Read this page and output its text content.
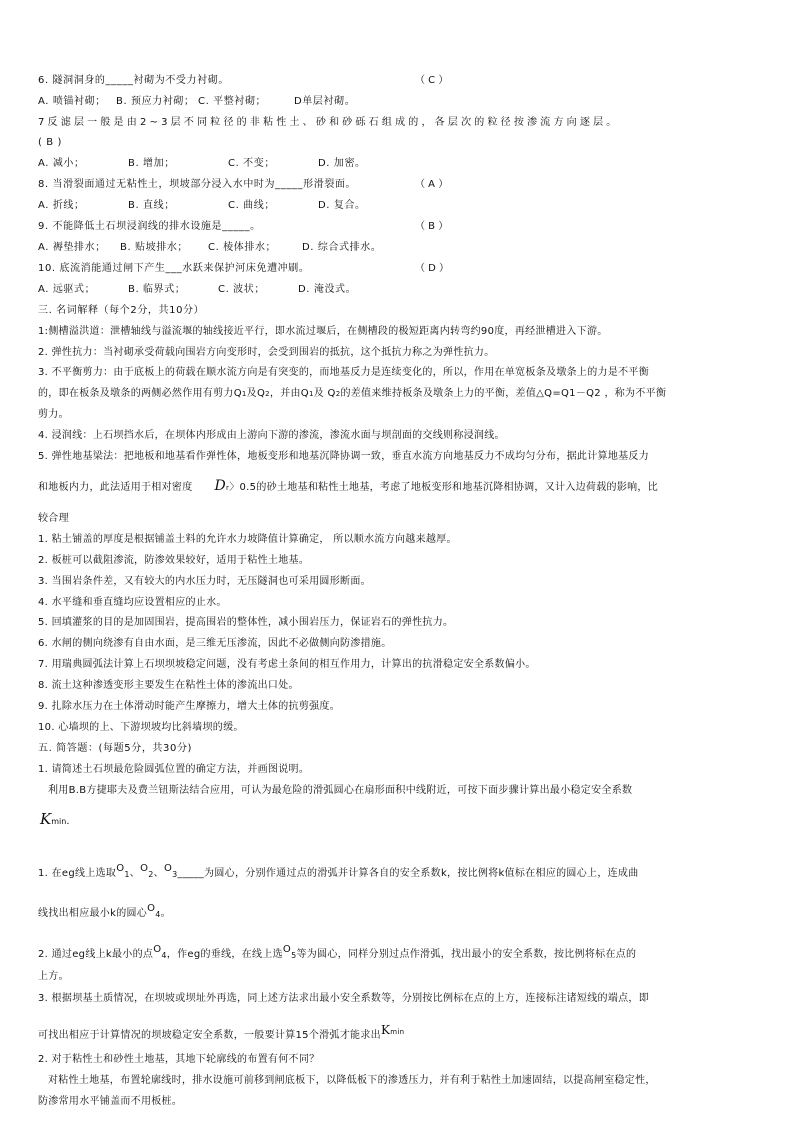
6. 隧洞洞身的_____衬砌为不受力衬砌。	（ C ）
A. 喷锚衬砌； B. 预应力衬砌； C. 平整衬砌；	D单层衬砌。
7反滤层一般是由2~3层不同粒径的非粘性土、砂和砂砾石组成的，各层次的粒径按渗流方向逐层。
( B )
A. 减小；	B. 增加；	C. 不变；	D. 加密。
8. 当滑裂面通过无粘性土，坝坡部分浸入水中时为_____形滑裂面。	（ A ）
A. 折线；	B. 直线；	C. 曲线；	D. 复合。
9. 不能降低土石坝浸润线的排水设施是_____。	（ B ）
A. 褥垫排水； B. 贴坡排水； C. 棱体排水；	D. 综合式排水。
10. 底流消能通过闸下产生___水跃来保护河床免遭冲刷。	（ D ）
A. 远驱式；	B. 临界式；	C. 波状；	D. 淹没式。
三. 名词解释（每个2分，共10分）
1:侧槽溢洪道：泄槽轴线与溢流堰的轴线接近平行，即水流过堰后，在侧槽段的极短距离内转弯约90度，再经泄槽进入下游。
2. 弹性抗力：当衬砌承受荷载向围岩方向变形时，会受到围岩的抵抗，这个抵抗力称之为弹性抗力。
3. 不平衡剪力：由于底板上的荷载在顺水流方向是有突变的，而地基反力是连续变化的，所以，作用在单宽板条及墩条上的力是不平衡
的，即在板条及墩条的两侧必然作用有剪力Q1及Q2，并由Q1及 Q2的差值来维持板条及墩条上力的平衡，差值△Q=Q1－Q2 ，称为不平衡
剪力。
4. 浸润线：上石坝挡水后，在坝体内形成由上游向下游的渗流，渗流水面与坝剖面的交线则称浸润线。
5. 弹性地基梁法：把地板和地基看作弹性体，地板变形和地基沉降协调一致，垂直水流方向地基反力不成均匀分布，据此计算地基反力
和地板内力，此法适用于相对密度 Dr〉0.5的砂土地基和粘性土地基，考虑了地板变形和地基沉降相协调，又计入边荷载的影响，比
较合理
1. 粘土铺盖的厚度是根据铺盖土料的允许水力坡降值计算确定， 所以顺水流方向越来越厚。
2. 板桩可以截阻渗流，防渗效果较好，适用于粘性土地基。
3. 当围岩条件差，又有较大的内水压力时，无压隧洞也可采用圆形断面。
4. 水平缝和垂直缝均应设置相应的止水。
5. 回填灌浆的目的是加固围岩，提高围岩的整体性，减小围岩压力，保证岩石的弹性抗力。
6. 水闸的侧向绕渗有自由水面，是三维无压渗流，因此不必做侧向防渗措施。
7. 用瑞典圆弧法计算上石坝坝坡稳定问题，没有考虑土条间的相互作用力，计算出的抗滑稳定安全系数偏小。
8. 流土这种渗透变形主要发生在粘性土体的渗流出口处。
9. 扎除水压力在土体滑动时能产生摩擦力，增大土体的抗剪强度。
10. 心墙坝的上、下游坝坡均比斜墙坝的缓。
五. 简答题：(每题5分，共30分)
1. 请简述土石坝最危险圆弧位置的确定方法，并画图说明。
利用B.B方捷耶夫及费兰钮斯法结合应用，可认为最危险的滑弧圆心在扇形面积中线附近，可按下面步骤计算出最小稳定安全系数
Kmin.
1. 在eg线上选取O1、O2、O3_____为圆心，分别作通过点的滑弧并计算各自的安全系数k，按比例将k值标在相应的圆心上，连成曲
线找出相应最小k的圆心O4。
2. 通过eg线上k最小的点O4，作eg的垂线，在线上选O5等为圆心，同样分别过点作滑弧，找出最小的安全系数，按比例将标在点的
上方。
3. 根据坝基土质情况，在坝坡或坝址外再选，同上述方法求出最小安全系数等，分别按比例标在点的上方，连接标注诸短线的端点，即
可找出相应于计算情况的坝坡稳定安全系数，一般要计算15个滑弧才能求出$K^{min}$
2. 对于粘性土和砂性土地基，其地下轮廓线的布置有何不同？
对粘性土地基，布置轮廓线时，排水设施可前移到闸底板下，以降低板下的渗透压力，并有利于粘性土加速固结，以提高闸室稳定性，
防渗常用水平铺盖而不用板桩。
